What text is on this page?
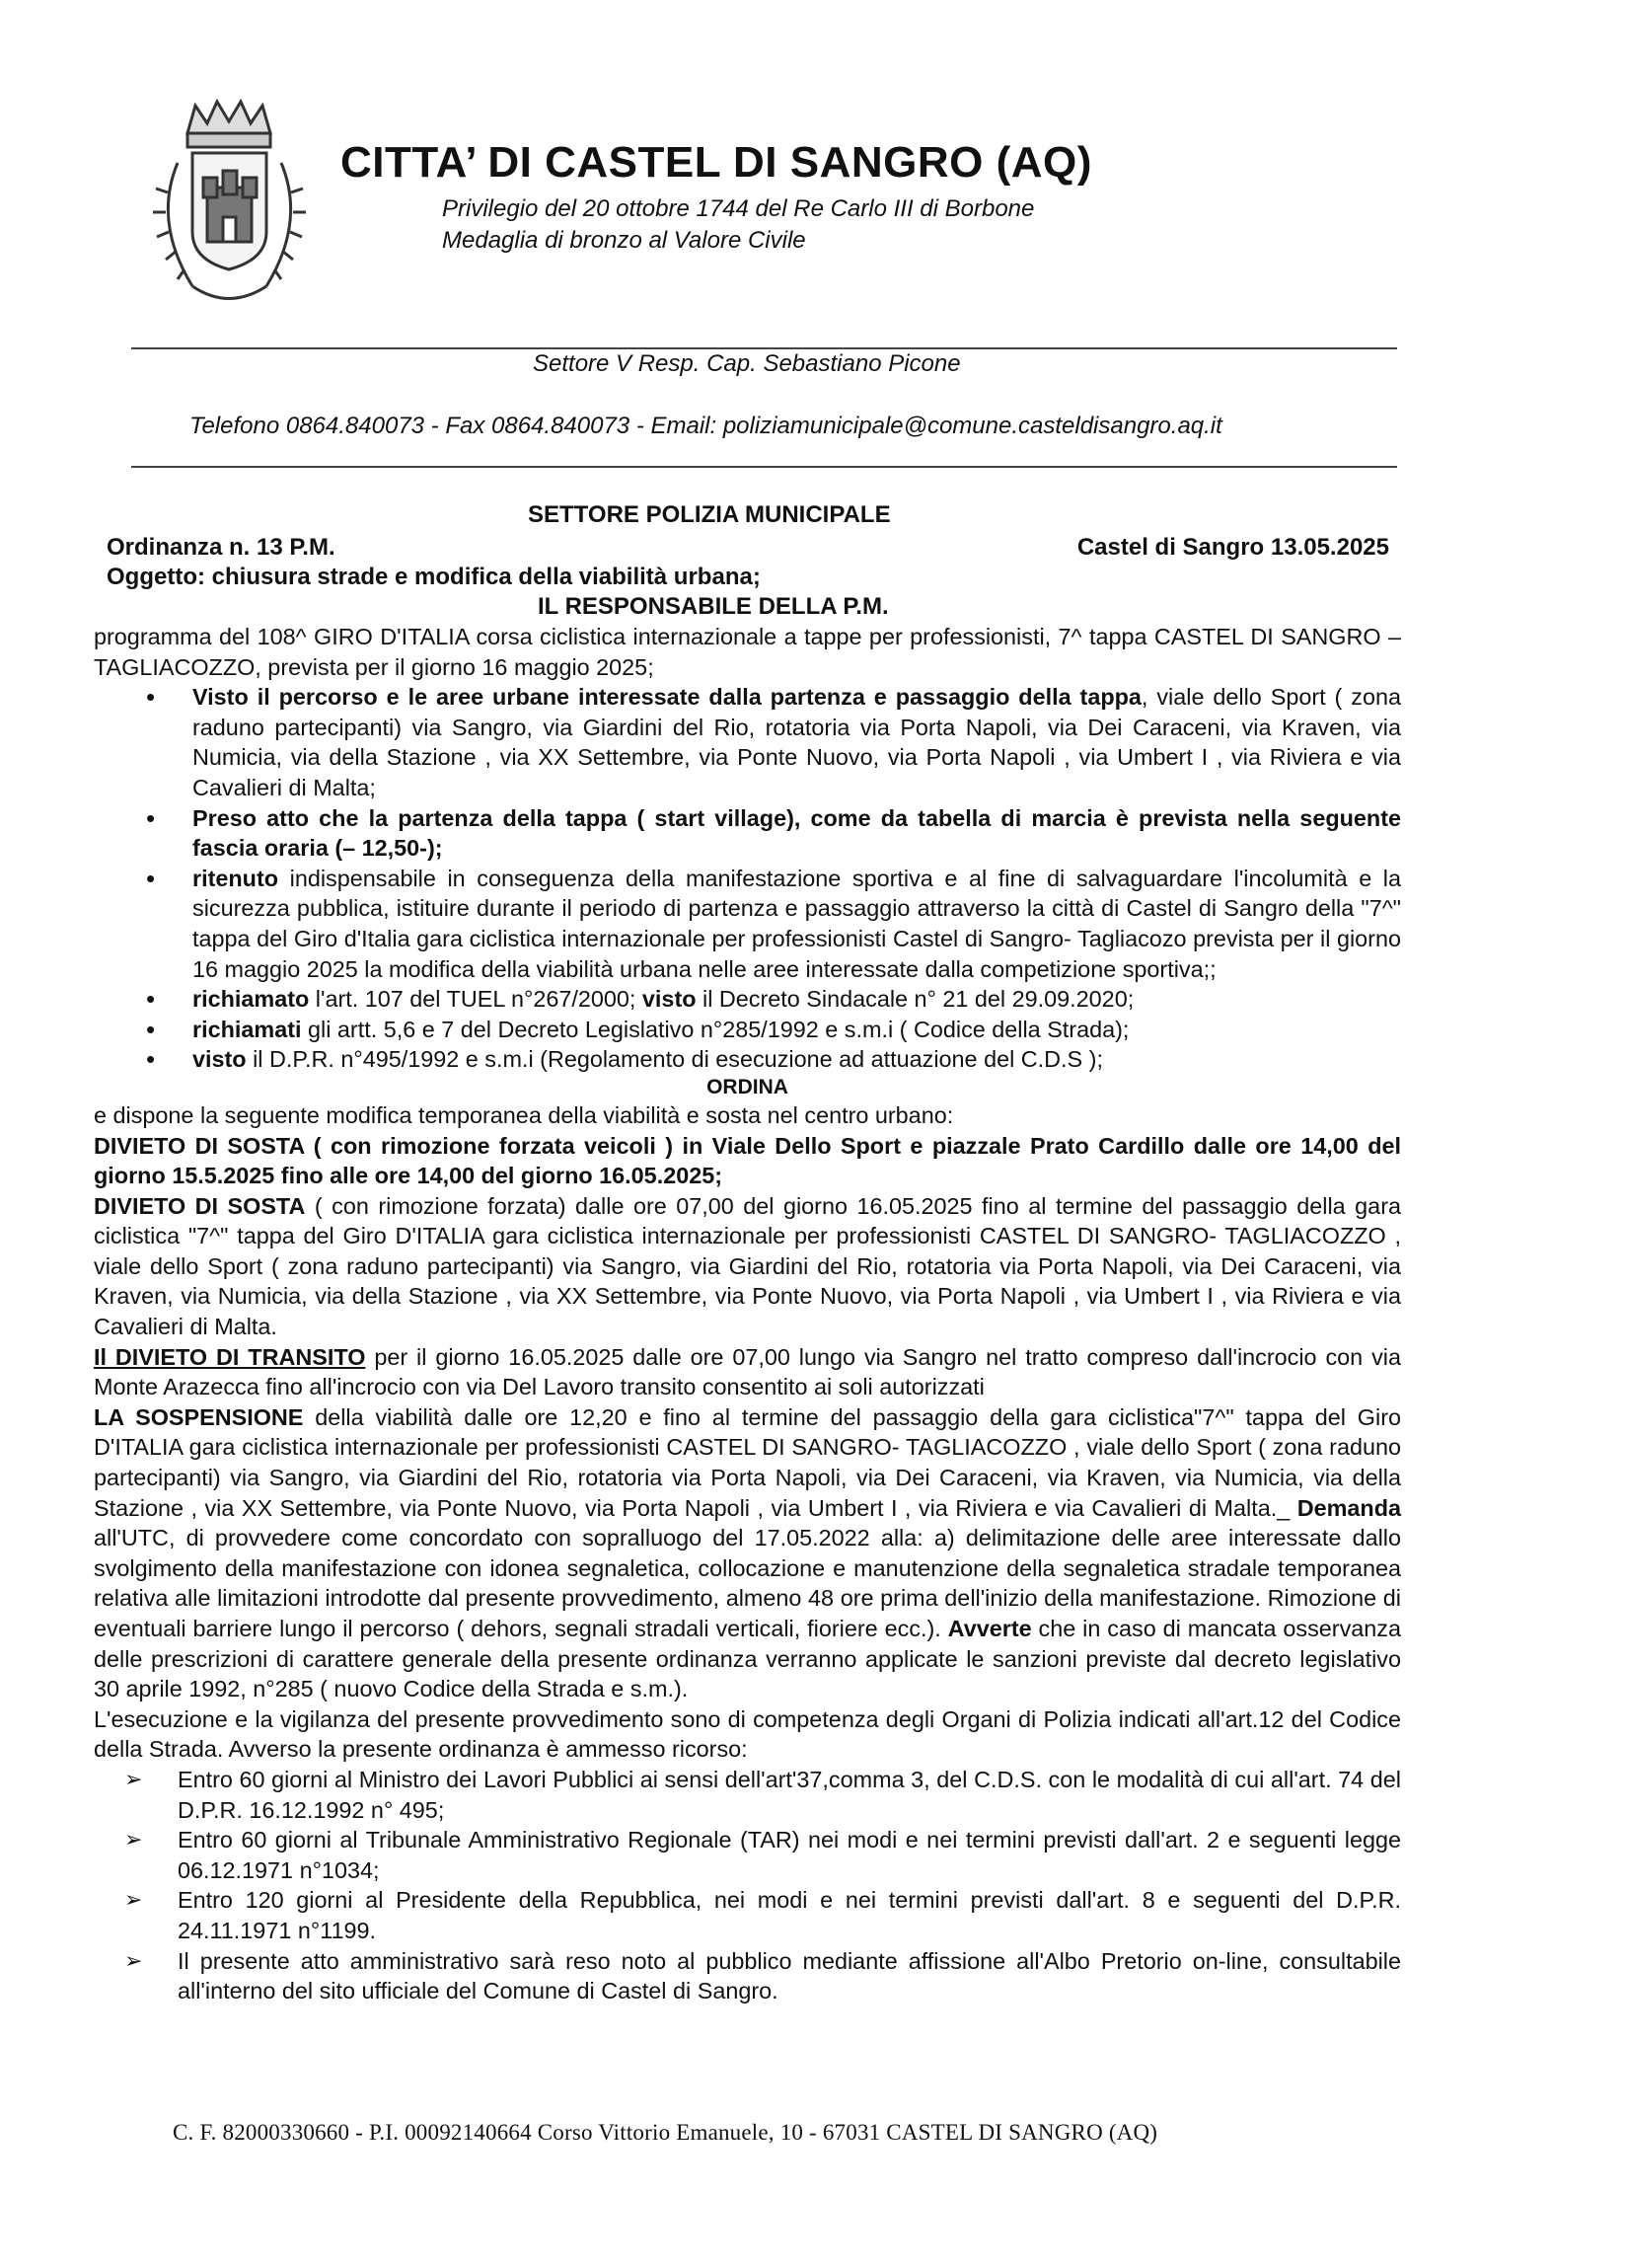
CITTA’ DI CASTEL DI SANGRO (AQ)
Privilegio del 20 ottobre 1744 del Re Carlo III di Borbone
Medaglia di bronzo al Valore Civile
Settore V Resp. Cap. Sebastiano Picone
Telefono 0864.840073 - Fax 0864.840073 - Email: poliziamunicipale@comune.casteldisangro.aq.it
SETTORE POLIZIA MUNICIPALE
Ordinanza n. 13 P.M.	Castel di Sangro 13.05.2025
Oggetto: chiusura strade e modifica della viabilità urbana;
IL RESPONSABILE DELLA P.M.

programma del 108^ GIRO D'ITALIA corsa ciclistica internazionale a tappe per professionisti, 7^ tappa CASTEL DI SANGRO – TAGLIACOZZO, prevista per il giorno 16 maggio 2025;

• Visto il percorso e le aree urbane interessate dalla partenza e passaggio della tappa, viale dello Sport ( zona raduno partecipanti) via Sangro, via Giardini del Rio, rotatoria via Porta Napoli, via Dei Caraceni, via Kraven, via Numicia, via della Stazione , via XX Settembre, via Ponte Nuovo, via Porta Napoli , via Umbert I , via Riviera e via Cavalieri di Malta;
• Preso atto che la partenza della tappa ( start village), come da tabella di marcia è prevista nella seguente fascia oraria (– 12,50-);
• ritenuto indispensabile in conseguenza della manifestazione sportiva e al fine di salvaguardare l'incolumità e la sicurezza pubblica, istituire durante il periodo di partenza e passaggio attraverso la città di Castel di Sangro della "7^" tappa del Giro d'Italia gara ciclistica internazionale per professionisti Castel di Sangro- Tagliacozo prevista per il giorno 16 maggio 2025 la modifica della viabilità urbana nelle aree interessate dalla competizione sportiva;;
• richiamato l'art. 107 del TUEL n°267/2000; visto il Decreto Sindacale n° 21 del 29.09.2020;
• richiamati gli artt. 5,6 e 7 del Decreto Legislativo n°285/1992 e s.m.i ( Codice della Strada);
• visto il D.P.R. n°495/1992 e s.m.i (Regolamento di esecuzione ad attuazione del C.D.S );

ORDINA

e dispone la seguente modifica temporanea della viabilità e sosta nel centro urbano:

DIVIETO DI SOSTA ( con rimozione forzata veicoli ) in Viale Dello Sport e piazzale Prato Cardillo dalle ore 14,00 del giorno 15.5.2025 fino alle ore 14,00 del giorno 16.05.2025;

DIVIETO DI SOSTA ( con rimozione forzata) dalle ore 07,00 del giorno 16.05.2025 fino al termine del passaggio della gara ciclistica "7^" tappa del Giro D'ITALIA gara ciclistica internazionale per professionisti CASTEL DI SANGRO- TAGLIACOZZO , viale dello Sport ( zona raduno partecipanti) via Sangro, via Giardini del Rio, rotatoria via Porta Napoli, via Dei Caraceni, via Kraven, via Numicia, via della Stazione , via XX Settembre, via Ponte Nuovo, via Porta Napoli , via Umbert I , via Riviera e via Cavalieri di Malta.

Il DIVIETO DI TRANSITO per il giorno 16.05.2025 dalle ore 07,00 lungo via Sangro nel tratto compreso dall'incrocio con via Monte Arazecca fino all'incrocio con via Del Lavoro transito consentito ai soli autorizzati

LA SOSPENSIONE della viabilità dalle ore 12,20 e fino al termine del passaggio della gara ciclistica"7^" tappa del Giro D'ITALIA gara ciclistica internazionale per professionisti CASTEL DI SANGRO- TAGLIACOZZO , viale dello Sport ( zona raduno partecipanti) via Sangro, via Giardini del Rio, rotatoria via Porta Napoli, via Dei Caraceni, via Kraven, via Numicia, via della Stazione , via XX Settembre, via Ponte Nuovo, via Porta Napoli , via Umbert I , via Riviera e via Cavalieri di Malta._ Demanda all'UTC, di provvedere come concordato con sopralluogo del 17.05.2022 alla: a) delimitazione delle aree interessate dallo svolgimento della manifestazione con idonea segnaletica, collocazione e manutenzione della segnaletica stradale temporanea relativa alle limitazioni introdotte dal presente provvedimento, almeno 48 ore prima dell'inizio della manifestazione. Rimozione di eventuali barriere lungo il percorso ( dehors, segnali stradali verticali, fioriere ecc.). Avverte che in caso di mancata osservanza delle prescrizioni di carattere generale della presente ordinanza verranno applicate le sanzioni previste dal decreto legislativo 30 aprile 1992, n°285 ( nuovo Codice della Strada e s.m.).

L'esecuzione e la vigilanza del presente provvedimento sono di competenza degli Organi di Polizia indicati all'art.12 del Codice della Strada. Avverso la presente ordinanza è ammesso ricorso:

➢ Entro 60 giorni al Ministro dei Lavori Pubblici ai sensi dell'art'37,comma 3, del C.D.S. con le modalità di cui all'art. 74 del D.P.R. 16.12.1992 n° 495;
➢ Entro 60 giorni al Tribunale Amministrativo Regionale (TAR) nei modi e nei termini previsti dall'art. 2 e seguenti legge 06.12.1971 n°1034;
➢ Entro 120 giorni al Presidente della Repubblica, nei modi e nei termini previsti dall'art. 8 e seguenti del D.P.R. 24.11.1971 n°1199.
➢ Il presente atto amministrativo sarà reso noto al pubblico mediante affissione all'Albo Pretorio on-line, consultabile all'interno del sito ufficiale del Comune di Castel di Sangro.
C. F. 82000330660 - P.I. 00092140664 Corso Vittorio Emanuele, 10 - 67031 CASTEL DI SANGRO (AQ)
